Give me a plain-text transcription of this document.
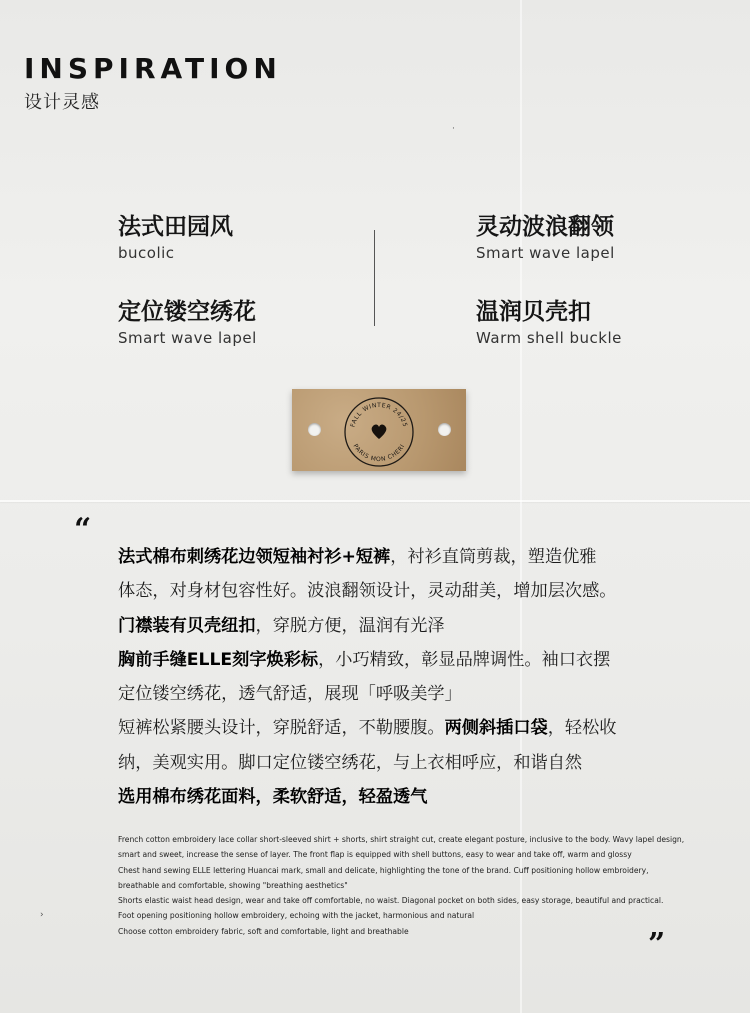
·
›
INSPIRATION
设计灵感
法式田园风
bucolic
灵动波浪翻领
Smart wave lapel
定位镂空绣花
Smart wave lapel
温润贝壳扣
Warm shell buckle
FALL WINTER 24/25
PARIS MON CHERI
“

法式棉布刺绣花边领短袖衬衫+短裤，衬衫直筒剪裁，塑造优雅

体态，对身材包容性好。波浪翻领设计，灵动甜美，增加层次感。

门襟装有贝壳纽扣，穿脱方便，温润有光泽

胸前手缝ELLE刻字焕彩标，小巧精致，彰显品牌调性。袖口衣摆

定位镂空绣花，透气舒适，展现「呼吸美学」

短裤松紧腰头设计，穿脱舒适，不勒腰腹。两侧斜插口袋，轻松收

纳，美观实用。脚口定位镂空绣花，与上衣相呼应，和谐自然

选用棉布绣花面料，柔软舒适，轻盈透气

French cotton embroidery lace collar short-sleeved shirt + shorts, shirt straight cut, create elegant posture, inclusive to the body. Wavy lapel design,

smart and sweet, increase the sense of layer. The front flap is equipped with shell buttons, easy to wear and take off, warm and glossy

Chest hand sewing ELLE lettering Huancai mark, small and delicate, highlighting the tone of the brand. Cuff positioning hollow embroidery,

breathable and comfortable, showing "breathing aesthetics"

Shorts elastic waist head design, wear and take off comfortable, no waist. Diagonal pocket on both sides, easy storage, beautiful and practical.

Foot opening positioning hollow embroidery, echoing with the jacket, harmonious and natural

Choose cotton embroidery fabric, soft and comfortable, light and breathable	”
